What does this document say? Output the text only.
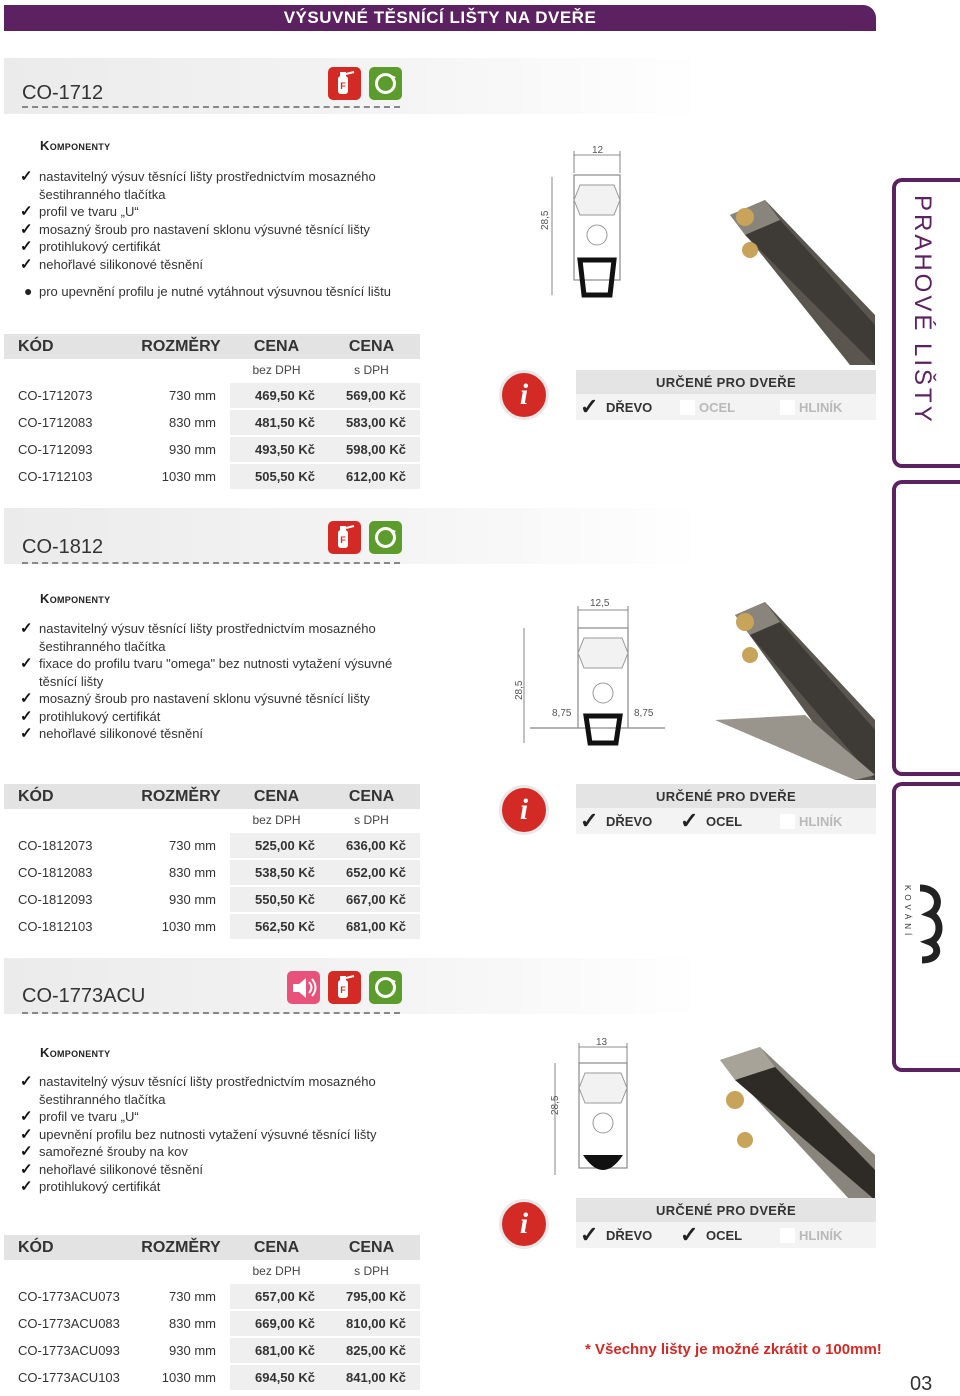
VÝSUVNÉ TĚSNÍCÍ LIŠTY NA DVEŘE
PRAHOVÉ LIŠTY
KOVÁNÍ
CO-1712	F
Komponenty
✓ nastavitelný výsuv těsnící lišty prostřednictvím mosazného šestihranného tlačítka
✓ profil ve tvaru „U“
✓ mosazný šroub pro nastavení sklonu výsuvné těsnící lišty
✓ protihlukový certifikát
✓ nehořlavé silikonové těsnění
● pro upevnění profilu je nutné vytáhnout výsuvnou těsnící lištu
KÓD	ROZMĚRY	CENA	CENA
bez DPH	s DPH
CO-1712073	730 mm	469,50 Kč	569,00 Kč
CO-1712083	830 mm	481,50 Kč	583,00 Kč
CO-1712093	930 mm	493,50 Kč	598,00 Kč
CO-1712103	1030 mm	505,50 Kč	612,00 Kč
12
28,5
i	URČENÉ PRO DVEŘE
✓ DŘEVO	OCEL	HLINÍK
CO-1812	F
Komponenty
✓ nastavitelný výsuv těsnící lišty prostřednictvím mosazného šestihranného tlačítka
✓ fixace do profilu tvaru "omega" bez nutnosti vytažení výsuvné těsnící lišty
✓ mosazný šroub pro nastavení sklonu výsuvné těsnící lišty
✓ protihlukový certifikát
✓ nehořlavé silikonové těsnění
KÓD	ROZMĚRY	CENA	CENA
bez DPH	s DPH
CO-1812073	730 mm	525,00 Kč	636,00 Kč
CO-1812083	830 mm	538,50 Kč	652,00 Kč
CO-1812093	930 mm	550,50 Kč	667,00 Kč
CO-1812103	1030 mm	562,50 Kč	681,00 Kč
12,5
28,5
8,75	8,75
i	URČENÉ PRO DVEŘE
✓ DŘEVO ✓ OCEL	HLINÍK
CO-1773ACU	F
Komponenty
✓ nastavitelný výsuv těsnící lišty prostřednictvím mosazného šestihranného tlačítka
✓ profil ve tvaru „U“
✓ upevnění profilu bez nutnosti vytažení výsuvné těsnící lišty
✓ samořezné šrouby na kov
✓ nehořlavé silikonové těsnění
✓ protihlukový certifikát
KÓD	ROZMĚRY	CENA	CENA
bez DPH	s DPH
CO-1773ACU073	730 mm	657,00 Kč	795,00 Kč
CO-1773ACU083	830 mm	669,00 Kč	810,00 Kč
CO-1773ACU093	930 mm	681,00 Kč	825,00 Kč
CO-1773ACU103	1030 mm	694,50 Kč	841,00 Kč
13
28,5
i	URČENÉ PRO DVEŘE
✓ DŘEVO ✓ OCEL	HLINÍK
* Všechny lišty je možné zkrátit o 100mm!
03
